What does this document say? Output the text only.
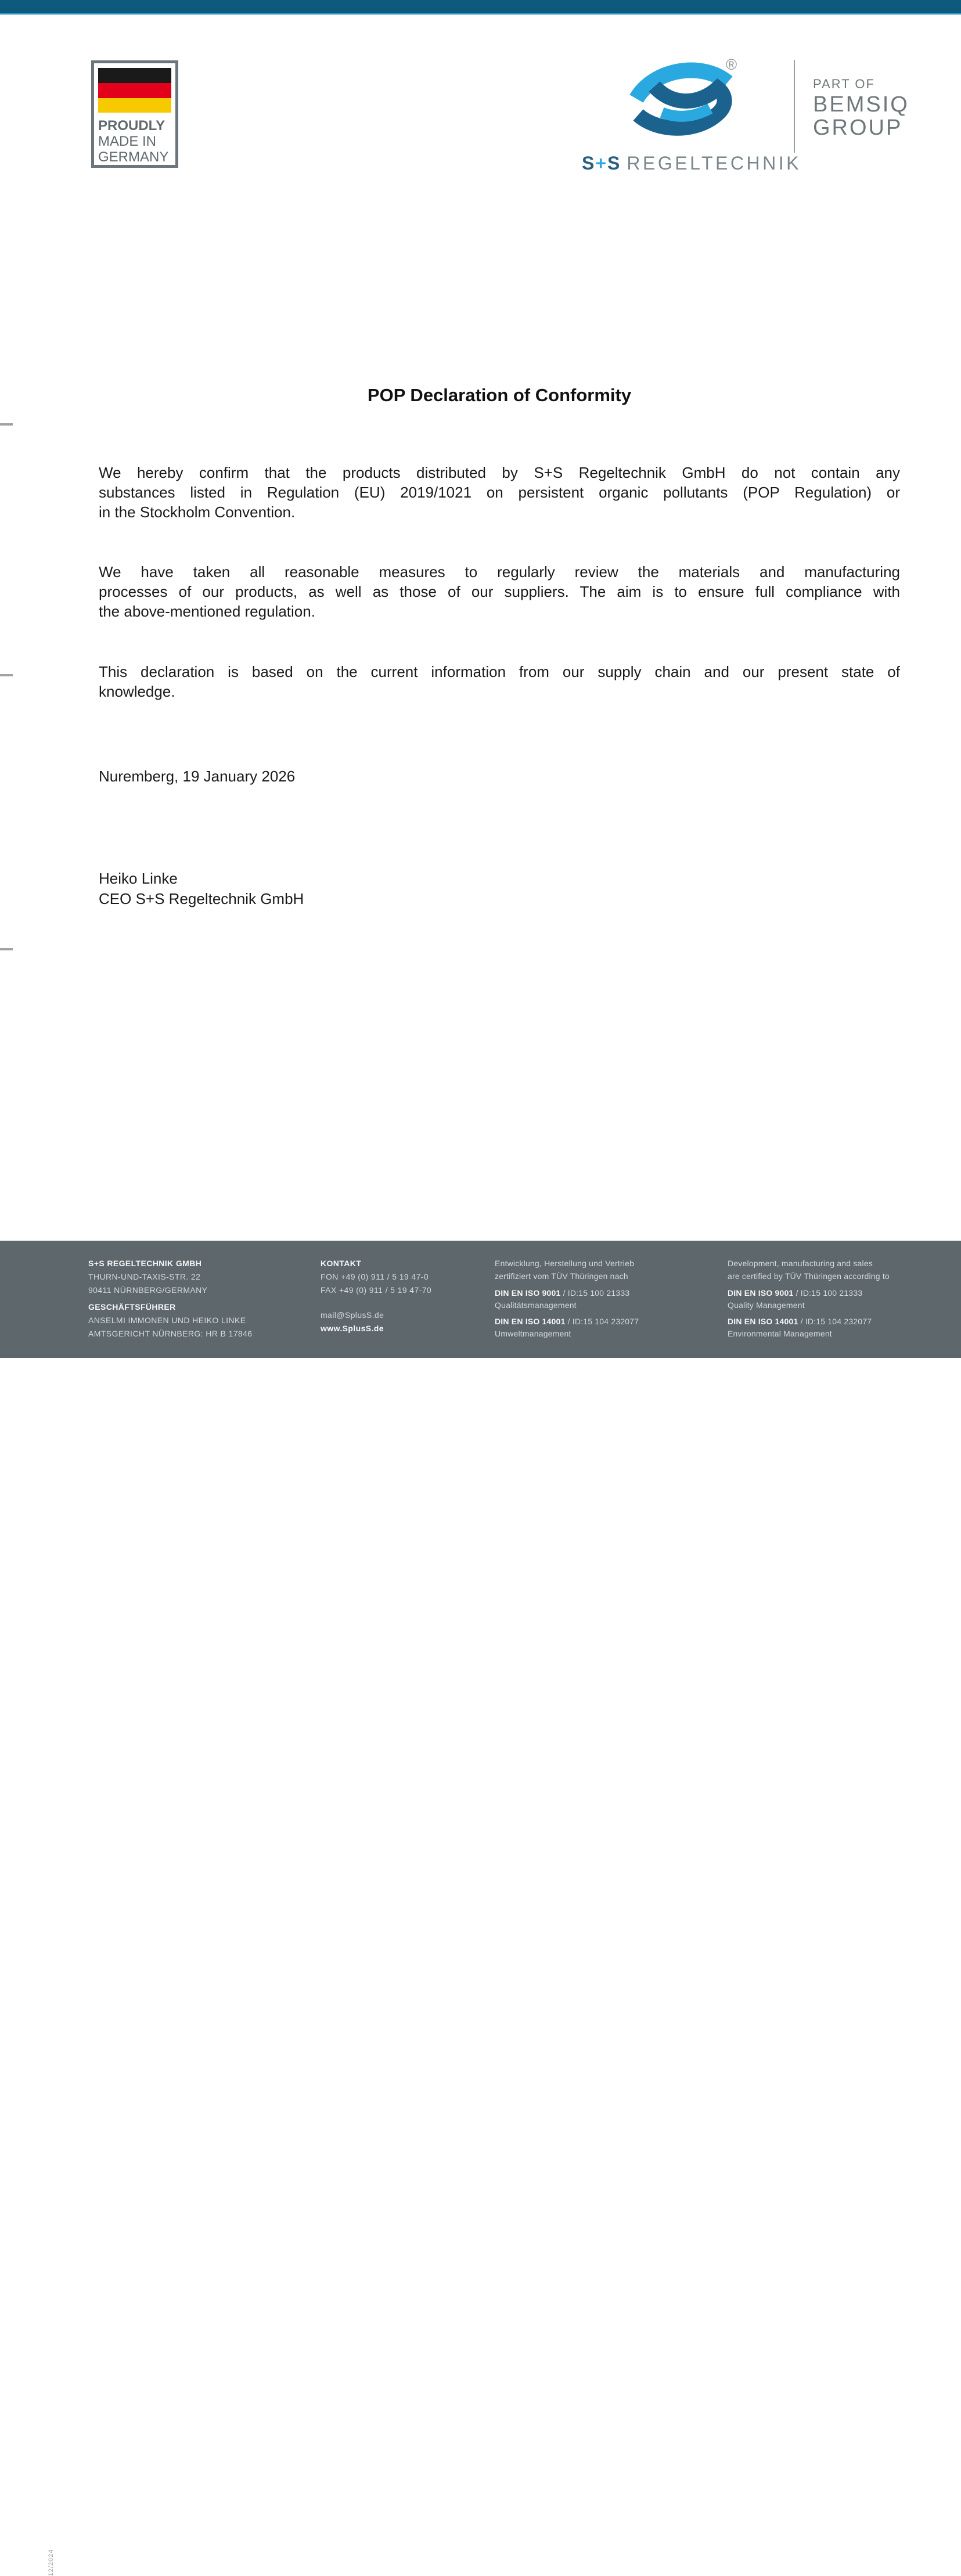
PROUDLY
MADE IN
GERMANY
®
S+S REGELTECHNIK
PART OF
BEMSIQ
GROUP
POP Declaration of Conformity
We hereby confirm that the products distributed by S+S Regeltechnik GmbH do not contain any
substances listed in Regulation (EU) 2019/1021 on persistent organic pollutants (POP Regulation) or
in the Stockholm Convention.
We have taken all reasonable measures to regularly review the materials and manufacturing
processes of our products, as well as those of our suppliers. The aim is to ensure full compliance with
the above-mentioned regulation.
This declaration is based on the current information from our supply chain and our present state of
knowledge.
Nuremberg, 19 January 2026
Heiko Linke
CEO S+S Regeltechnik GmbH
12/2024
S+S REGELTECHNIK GMBH
THURN-UND-TAXIS-STR. 22
90411 NÜRNBERG/GERMANY
GESCHÄFTSFÜHRER
ANSELMI IMMONEN UND HEIKO LINKE
AMTSGERICHT NÜRNBERG: HR B 17846
KONTAKT
FON +49 (0) 911 / 5 19 47-0
FAX +49 (0) 911 / 5 19 47-70
mail@SplusS.de
www.SplusS.de
Entwicklung, Herstellung und Vertrieb
zertifiziert vom TÜV Thüringen nach
DIN EN ISO 9001 / ID:15 100 21333
Qualitätsmanagement
DIN EN ISO 14001 / ID:15 104 232077
Umweltmanagement
Development, manufacturing and sales
are certified by TÜV Thüringen according to
DIN EN ISO 9001 / ID:15 100 21333
Quality Management
DIN EN ISO 14001 / ID:15 104 232077
Environmental Management
